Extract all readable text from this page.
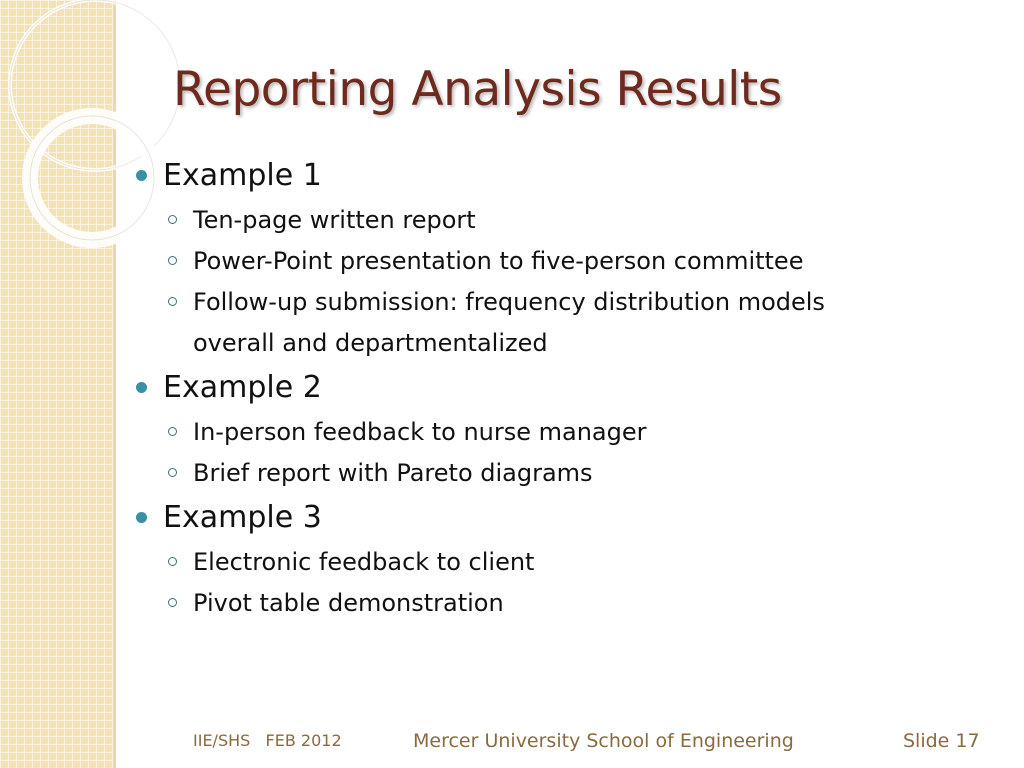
Reporting Analysis Results
Example 1
Ten-page written report
Power-Point presentation to five-person committee
Follow-up submission: frequency distribution models
overall and departmentalized
Example 2
In-person feedback to nurse manager
Brief report with Pareto diagrams
Example 3
Electronic feedback to client
Pivot table demonstration
IIE/SHS   FEB 2012	Mercer University School of Engineering	Slide 17
